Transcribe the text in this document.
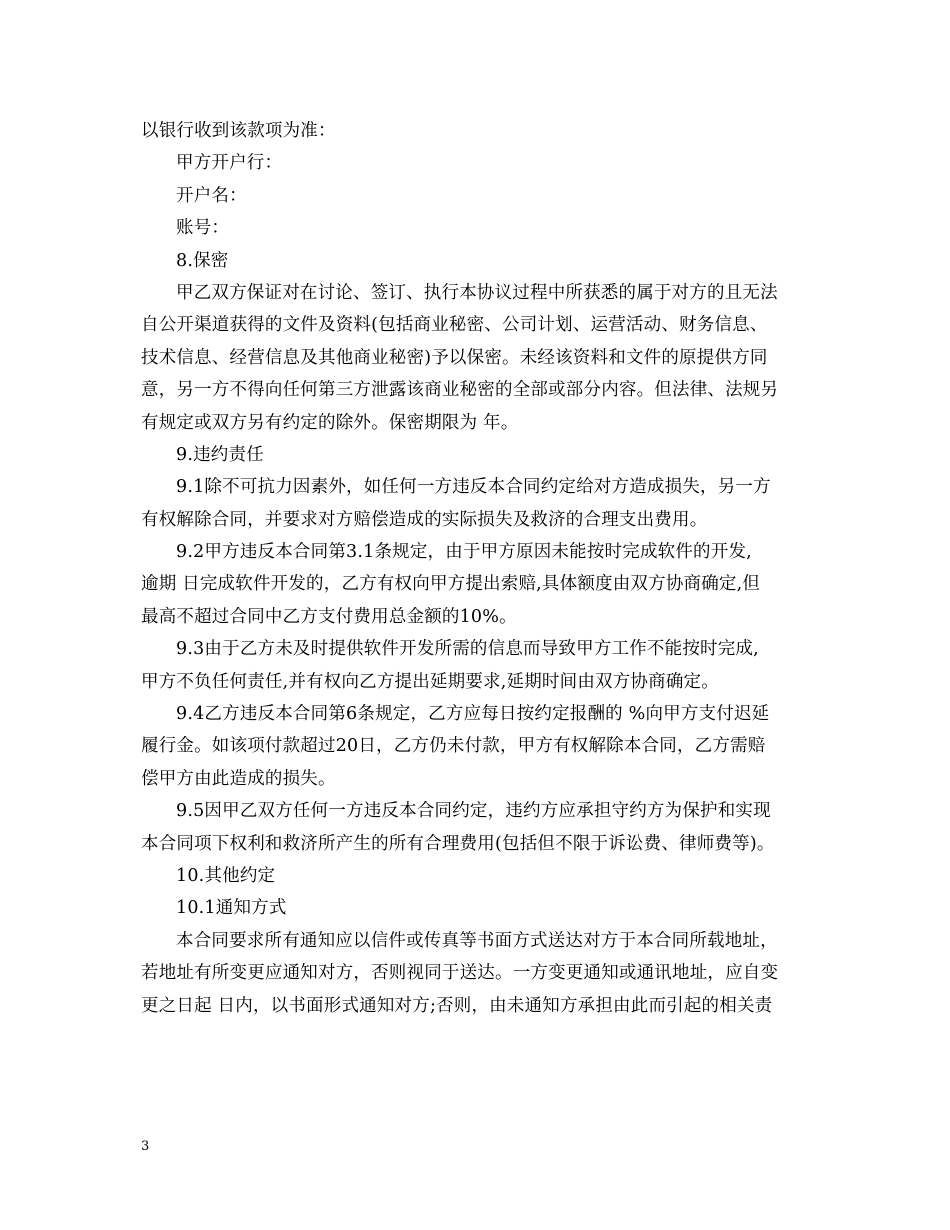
以银行收到该款项为准：
甲方开户行：
开户名：
账号：
8.保密
甲乙双方保证对在讨论、签订、执行本协议过程中所获悉的属于对方的且无法
自公开渠道获得的文件及资料(包括商业秘密、公司计划、运营活动、财务信息、
技术信息、经营信息及其他商业秘密)予以保密。未经该资料和文件的原提供方同
意，另一方不得向任何第三方泄露该商业秘密的全部或部分内容。但法律、法规另
有规定或双方另有约定的除外。保密期限为 年。
9.违约责任
9.1除不可抗力因素外，如任何一方违反本合同约定给对方造成损失，另一方
有权解除合同，并要求对方赔偿造成的实际损失及救济的合理支出费用。
9.2甲方违反本合同第3.1条规定，由于甲方原因未能按时完成软件的开发,
逾期 日完成软件开发的，乙方有权向甲方提出索赔,具体额度由双方协商确定,但
最高不超过合同中乙方支付费用总金额的10%。
9.3由于乙方未及时提供软件开发所需的信息而导致甲方工作不能按时完成,
甲方不负任何责任,并有权向乙方提出延期要求,延期时间由双方协商确定。
9.4乙方违反本合同第6条规定，乙方应每日按约定报酬的 %向甲方支付迟延
履行金。如该项付款超过20日，乙方仍未付款，甲方有权解除本合同，乙方需赔
偿甲方由此造成的损失。
9.5因甲乙双方任何一方违反本合同约定，违约方应承担守约方为保护和实现
本合同项下权利和救济所产生的所有合理费用(包括但不限于诉讼费、律师费等)。
10.其他约定
10.1通知方式
本合同要求所有通知应以信件或传真等书面方式送达对方于本合同所载地址，
若地址有所变更应通知对方，否则视同于送达。一方变更通知或通讯地址，应自变
更之日起 日内，以书面形式通知对方;否则，由未通知方承担由此而引起的相关责
3
